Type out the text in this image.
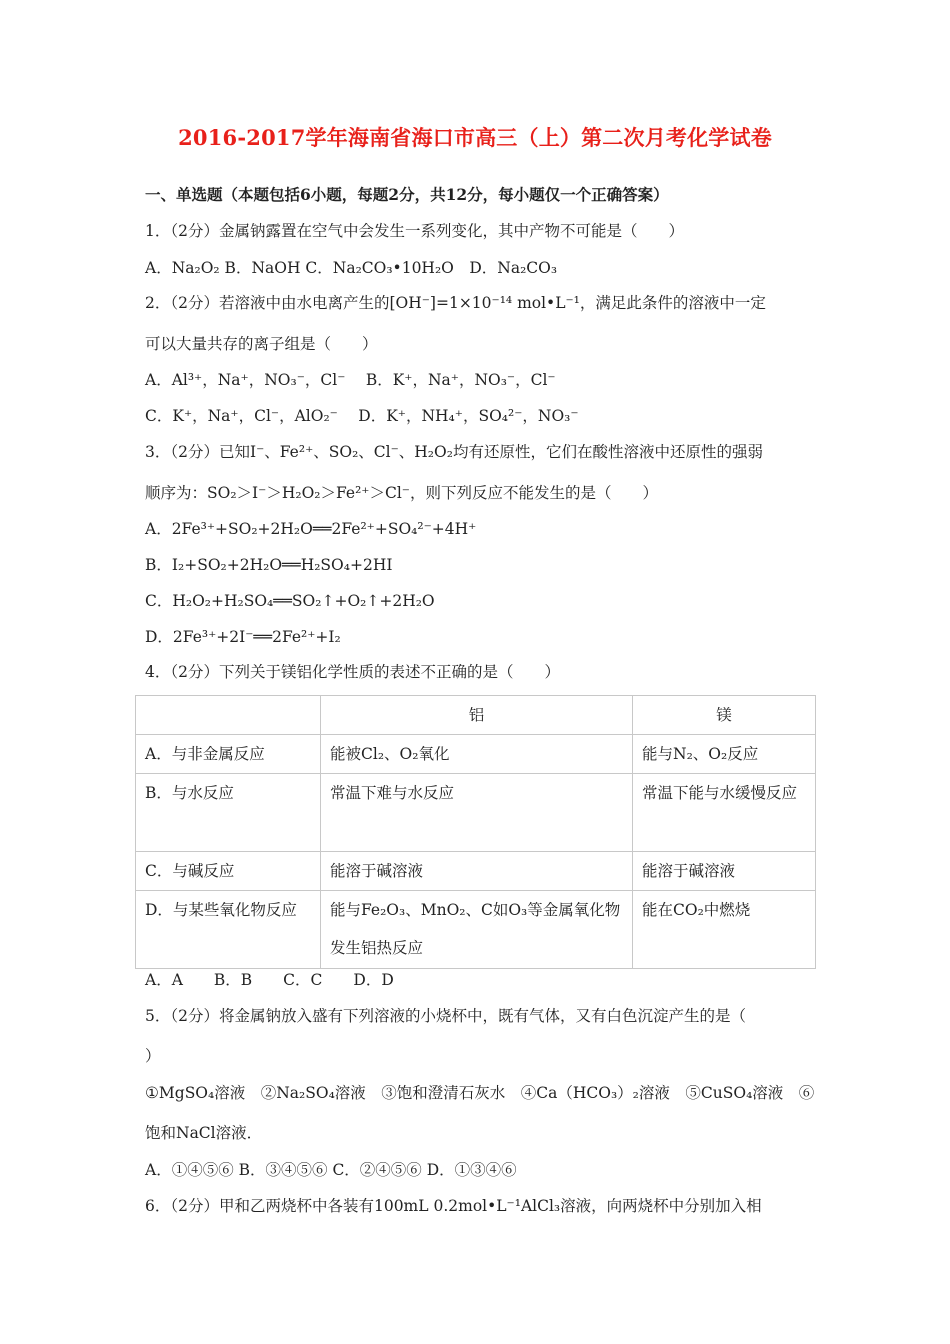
2016-2017学年海南省海口市高三（上）第二次月考化学试卷
一、单选题（本题包括6小题，每题2分，共12分，每小题仅一个正确答案）
1．（2分）金属钠露置在空气中会发生一系列变化，其中产物不可能是（　　）
A．Na₂O₂ B．NaOH C．Na₂CO₃•10H₂O　D．Na₂CO₃
2．（2分）若溶液中由水电离产生的[OH⁻]=1×10⁻¹⁴ mol•L⁻¹，满足此条件的溶液中一定
可以大量共存的离子组是（　　）
A．Al³⁺，Na⁺，NO₃⁻，Cl⁻　 B．K⁺，Na⁺，NO₃⁻，Cl⁻
C．K⁺，Na⁺，Cl⁻，AlO₂⁻　 D．K⁺，NH₄⁺，SO₄²⁻，NO₃⁻
3．（2分）已知I⁻、Fe²⁺、SO₂、Cl⁻、H₂O₂均有还原性，它们在酸性溶液中还原性的强弱
顺序为：SO₂＞I⁻＞H₂O₂＞Fe²⁺＞Cl⁻，则下列反应不能发生的是（　　）
A．2Fe³⁺+SO₂+2H₂O══2Fe²⁺+SO₄²⁻+4H⁺
B．I₂+SO₂+2H₂O══H₂SO₄+2HI
C．H₂O₂+H₂SO₄══SO₂↑+O₂↑+2H₂O
D．2Fe³⁺+2I⁻══2Fe²⁺+I₂
4．（2分）下列关于镁铝化学性质的表述不正确的是（　　）
	铝	镁
A．与非金属反应	能被Cl₂、O₂氧化	能与N₂、O₂反应
B．与水反应	常温下难与水反应	常温下能与水缓慢反应
C．与碱反应	能溶于碱溶液	能溶于碱溶液
D．与某些氧化物反应	能与Fe₂O₃、MnO₂、C如O₃等金属氧化物发生铝热反应	能在CO₂中燃烧
A．A　　B．B　　C．C　　D．D
5．（2分）将金属钠放入盛有下列溶液的小烧杯中，既有气体，又有白色沉淀产生的是（
）
①MgSO₄溶液　②Na₂SO₄溶液　③饱和澄清石灰水　④Ca（HCO₃）₂溶液　⑤CuSO₄溶液　⑥
饱和NaCl溶液．
A．①④⑤⑥ B．③④⑤⑥ C．②④⑤⑥ D．①③④⑥
6．（2分）甲和乙两烧杯中各装有100mL 0.2mol•L⁻¹AlCl₃溶液，向两烧杯中分别加入相
